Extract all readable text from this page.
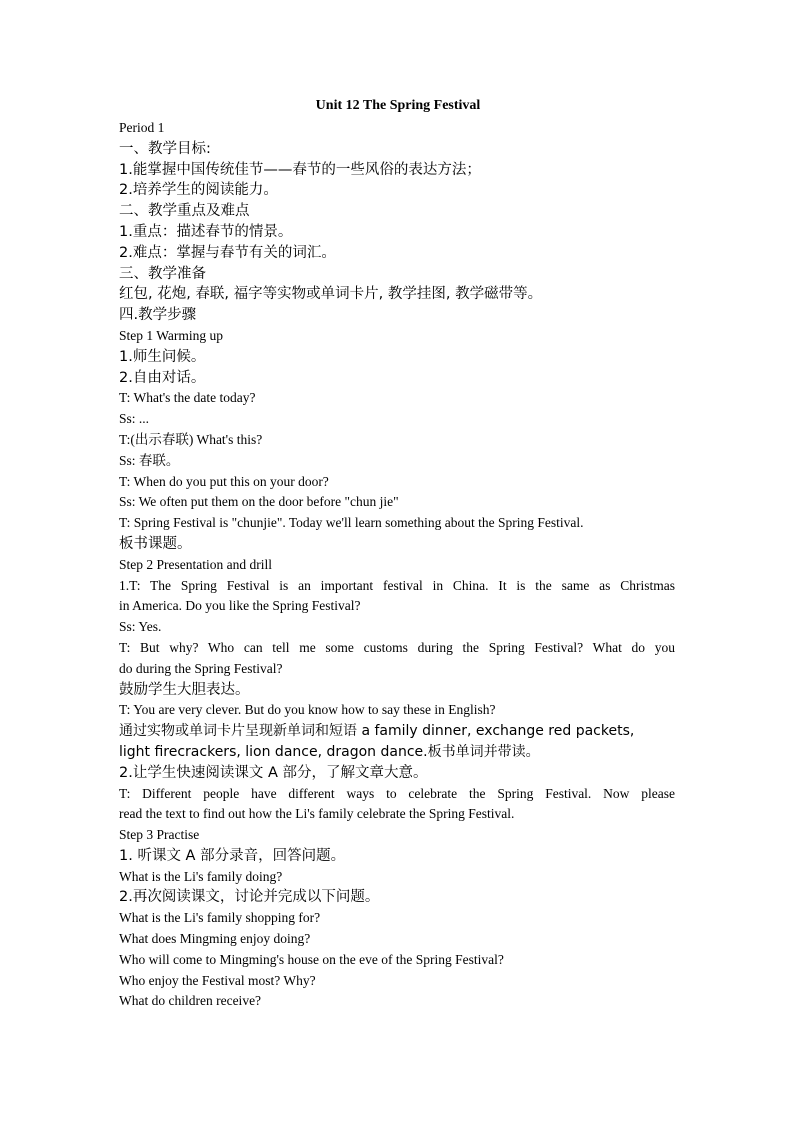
Unit 12 The Spring Festival
Period 1
一、教学目标:
1.能掌握中国传统佳节——春节的一些风俗的表达方法；
2.培养学生的阅读能力。
二、教学重点及难点
1.重点：描述春节的情景。
2.难点：掌握与春节有关的词汇。
三、教学准备
红包, 花炮, 春联, 福字等实物或单词卡片, 教学挂图, 教学磁带等。
四.教学步骤
Step 1 Warming up
1.师生问候。
2.自由对话。
T: What's the date today?
Ss: ...
T:(出示春联) What's this?
Ss: 春联。
T: When do you put this on your door?
Ss: We often put them on the door before "chun jie"
T: Spring Festival is "chunjie". Today we'll learn something about the Spring Festival.
板书课题。
Step 2 Presentation and drill
1.T: The Spring Festival is an important festival in China. It is the same as Christmas
in America. Do you like the Spring Festival?
Ss: Yes.
T: But why? Who can tell me some customs during the Spring Festival? What do you
do during the Spring Festival?
鼓励学生大胆表达。
T: You are very clever. But do you know how to say these in English?
通过实物或单词卡片呈现新单词和短语 a family dinner, exchange red packets,
light firecrackers, lion dance, dragon dance.板书单词并带读。
2.让学生快速阅读课文 A 部分，了解文章大意。
T: Different people have different ways to celebrate the Spring Festival. Now please
read the text to find out how the Li's family celebrate the Spring Festival.
Step 3 Practise
1. 听课文 A 部分录音，回答问题。
What is the Li's family doing?
2.再次阅读课文，讨论并完成以下问题。
What is the Li's family shopping for?
What does Mingming enjoy doing?
Who will come to Mingming's house on the eve of the Spring Festival?
Who enjoy the Festival most? Why?
What do children receive?
